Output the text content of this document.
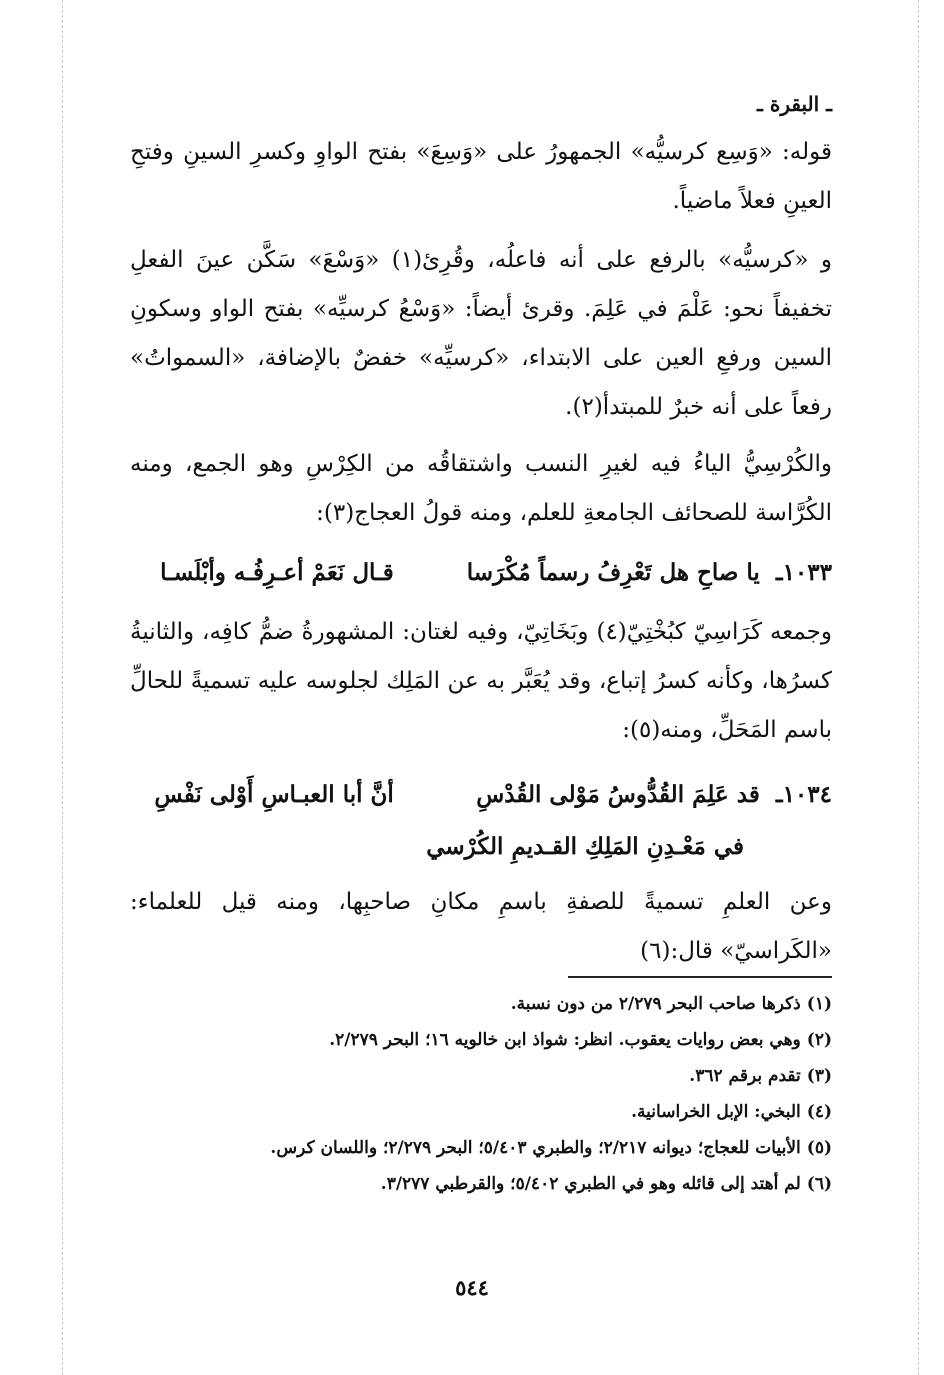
ـ البقرة ـ

قوله: «وَسِع كرسيُّه» الجمهورُ على «وَسِعَ» بفتح الواوِ وكسرِ السينِ وفتحِ العينِ فعلاً ماضياً.

و «كرسيُّه» بالرفع على أنه فاعلُه، وقُرِئ(١) «وَسْعَ» سَكَّن عينَ الفعلِ تخفيفاً نحو: عَلْمَ في عَلِمَ. وقرئ أيضاً: «وَسْعُ كرسيِّه» بفتح الواو وسكونِ السين ورفعِ العين على الابتداء، «كرسيِّه» خفضٌ بالإضافة، «السمواتُ» رفعاً على أنه خبرٌ للمبتدأ(٢).

والكُرْسِيُّ الياءُ فيه لغيرِ النسب واشتقاقُه من الكِرْسِ وهو الجمع، ومنه الكُرَّاسة للصحائف الجامعةِ للعلم، ومنه قولُ العجاج(٣):

١٠٣٣ـ يا صاحِ هل تَعْرِفُ رسماً مُكْرَسا قـال نَعَمْ أعـرِفُـه وأبْلَسـا

وجمعه كَرَاسِيّ كبُخْتِيّ(٤) وبَخَاتِيّ، وفيه لغتان: المشهورةُ ضمُّ كافِه، والثانيةُ كسرُها، وكأنه كسرُ إتباع، وقد يُعَبَّر به عن المَلِك لجلوسه عليه تسميةً للحالِّ باسم المَحَلِّ، ومنه(٥):

١٠٣٤ـ قد عَلِمَ القُدُّوسُ مَوْلى القُدْسِ أنَّ أبا العبـاسِ أَوْلى نَفْسِ
في مَعْـدِنِ المَلِكِ القـديمِ الكُرْسي

وعن العلمِ تسميةً للصفةِ باسمِ مكانِ صاحبِها، ومنه قيل للعلماء: «الكَراسيّ» قال:(٦)

(١)ذكرها صاحب البحر ٢/٢٧٩ من دون نسبة.

(٢)وهي بعض روايات يعقوب. انظر: شواذ ابن خالويه ١٦؛ البحر ٢/٢٧٩.

(٣)تقدم برقم ٣٦٢.

(٤)البخي: الإبل الخراسانية.

(٥)الأبيات للعجاج؛ ديوانه ٢/٢١٧؛ والطبري ٥/٤٠٣؛ البحر ٢/٢٧٩؛ واللسان كرس.

(٦)لم أهتد إلى قائله وهو في الطبري ٥/٤٠٢؛ والقرطبي ٣/٢٧٧.

٥٤٤
